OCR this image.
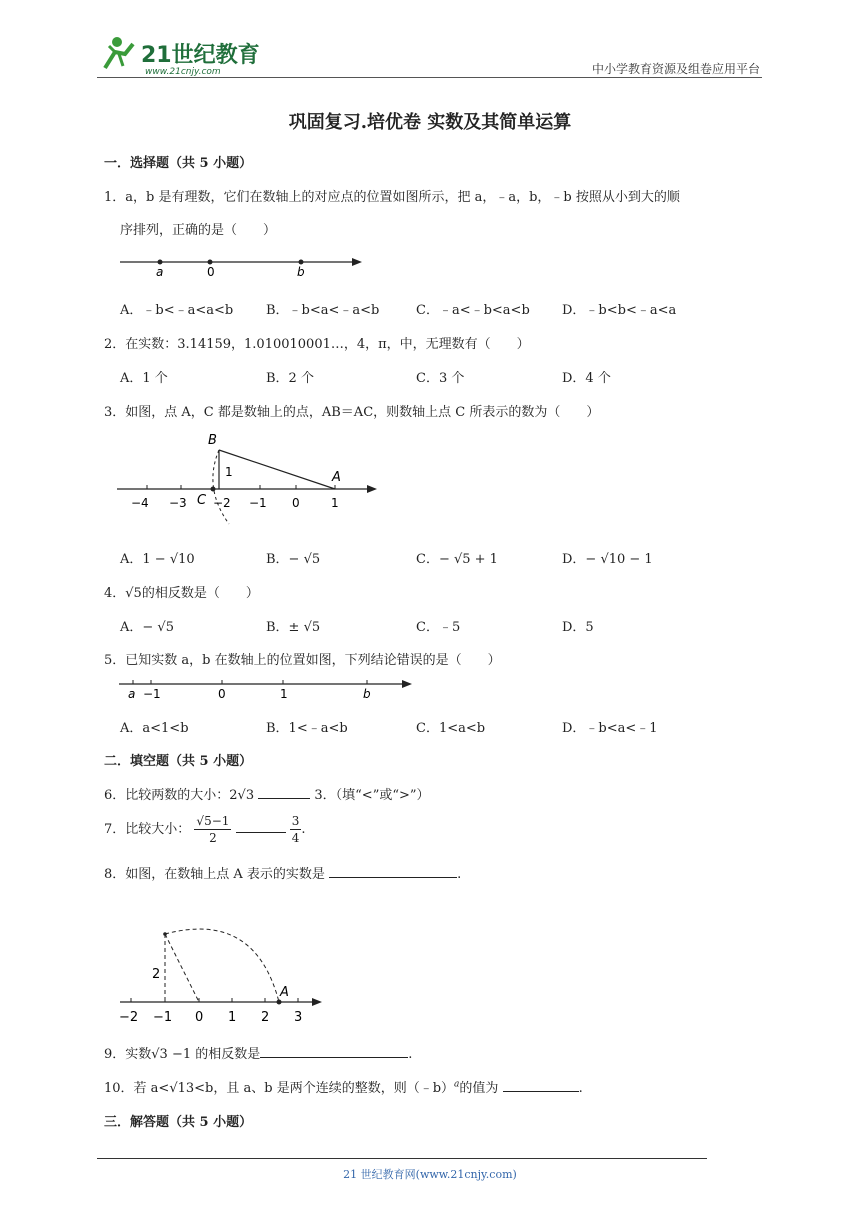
21世纪教育
www.21cnjy.com	中小学教育资源及组卷应用平台
巩固复习.培优卷 实数及其简单运算
一．选择题（共 5 小题）
1．a，b 是有理数，它们在数轴上的对应点的位置如图所示，把 a，﹣a，b，﹣b 按照从小到大的顺
序排列，正确的是（　　）
a	0	b
A．﹣b<﹣a<a<b	B．﹣b<a<﹣a<b	C．﹣a<﹣b<a<b D．﹣b<b<﹣a<a
2．在实数：3.14159，1.010010001…，4，π，中，无理数有（　　）
A．1 个	B．2 个	C．3 个	D．4 个
3．如图，点 A，C 都是数轴上的点，AB＝AC，则数轴上点 C 所表示的数为（　　）
B
1	A
C
−4 −3 −2 −1 0	1
A．1 − √10	B．− √5	C．− √5 + 1	D．− √10 − 1
4．√5的相反数是（　　）
A．− √5	B．± √5	C．﹣5	D．5
5．已知实数 a，b 在数轴上的位置如图，下列结论错误的是（　　）
a −1	0	1	b
A．a<1<b	B．1<﹣a<b	C．1<a<b	D．﹣b<a<﹣1
二．填空题（共 5 小题）
6．比较两数的大小：2√3	3．（填“<”或“>”）
7．比较大小： $\frac{√5-1}{2}$
	$\frac{3}{4}$ .
8．如图，在数轴上点 A 表示的实数是	.
2
A
−2 −1 0 1 2 3
9．实数√3 −1 的相反数是	.
10．若 a<√13<b，且 a、b 是两个连续的整数，则（﹣b）$^a$的值为	.
三．解答题（共 5 小题）
21 世纪教育网(www.21cnjy.com)
